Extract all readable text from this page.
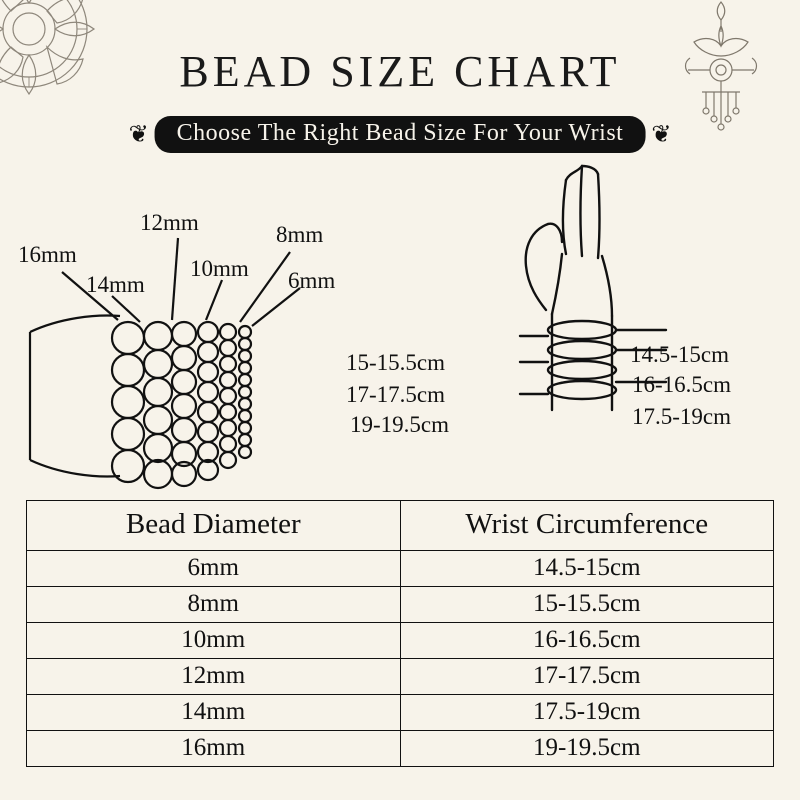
BEAD SIZE CHART
❦	Choose The Right Bead Size For Your Wrist	❦
16mm
14mm
12mm
10mm
8mm
6mm
15-15.5cm
17-17.5cm
19-19.5cm
14.5-15cm
16-16.5cm
17.5-19cm
Bead Diameter	Wrist Circumference
6mm	14.5-15cm
8mm	15-15.5cm
10mm	16-16.5cm
12mm	17-17.5cm
14mm	17.5-19cm
16mm	19-19.5cm
